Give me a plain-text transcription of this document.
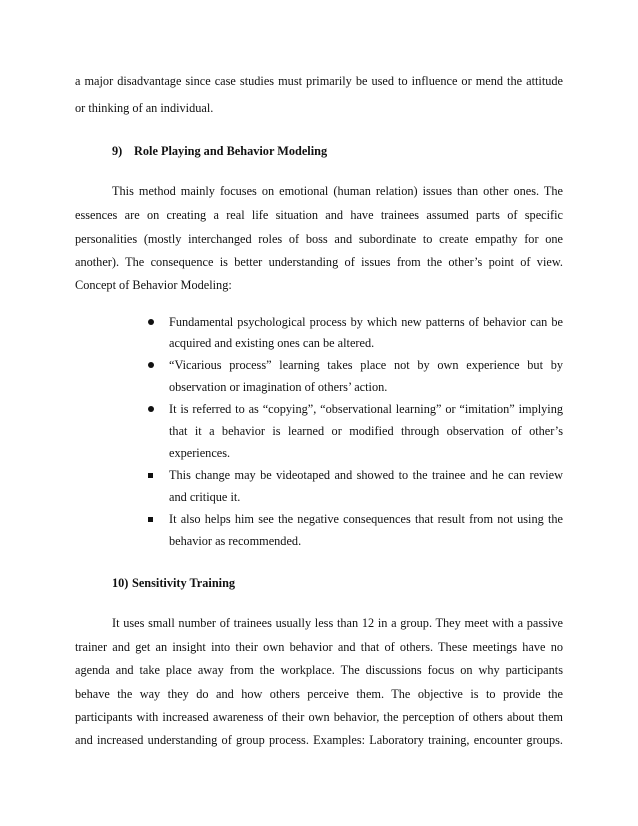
a major disadvantage since case studies must primarily be used to influence or mend the attitude
or thinking of an individual.
9) Role Playing and Behavior Modeling
This method mainly focuses on emotional (human relation) issues than other ones. The
essences are on creating a real life situation and have trainees assumed parts of specific
personalities (mostly interchanged roles of boss and subordinate to create empathy for one
another). The consequence is better understanding of issues from the other’s point of view.
Concept of Behavior Modeling:
Fundamental psychological process by which new patterns of behavior can be
acquired and existing ones can be altered.
“Vicarious process” learning takes place not by own experience but by
observation or imagination of others’ action.
It is referred to as “copying”, “observational learning” or “imitation” implying
that it a behavior is learned or modified through observation of other’s
experiences.
This change may be videotaped and showed to the trainee and he can review
and critique it.
It also helps him see the negative consequences that result from not using the
behavior as recommended.
10) Sensitivity Training
It uses small number of trainees usually less than 12 in a group. They meet with a passive
trainer and get an insight into their own behavior and that of others. These meetings have no
agenda and take place away from the workplace. The discussions focus on why participants
behave the way they do and how others perceive them. The objective is to provide the
participants with increased awareness of their own behavior, the perception of others about them
and increased understanding of group process. Examples: Laboratory training, encounter groups.
